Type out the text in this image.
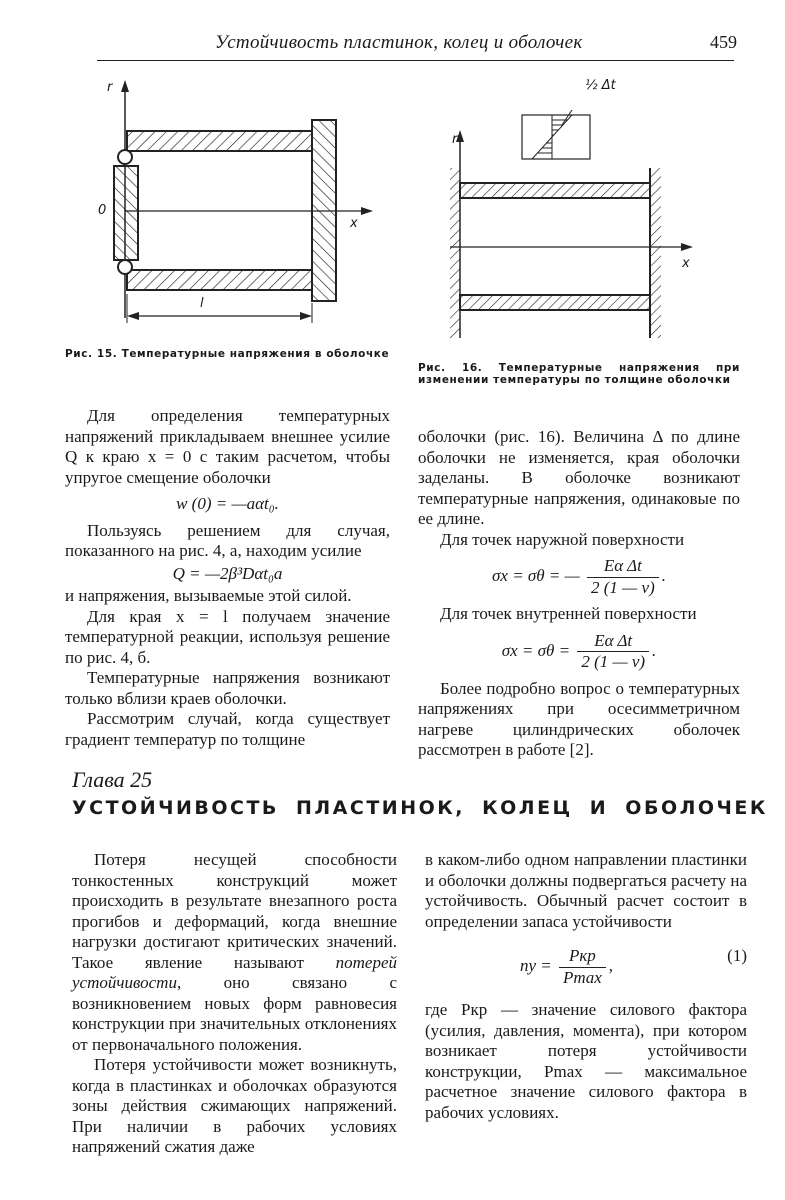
Устойчивость пластинок, колец и оболочек	459
r
0
x
l
Рис. 15. Температурные напряжения в оболочке
r
½ Δt
x
Рис. 16. Температурные напряжения при изменении температуры по толщине оболочки

Для определения температурных напряжений прикладываем внешнее усилие Q к краю x = 0 с таким расчетом, чтобы упругое смещение оболочки

w (0) = —aαt₀.

Пользуясь решением для случая, показанного на рис. 4, а, находим усилие

Q = —2β³Dαt₀a

и напряжения, вызываемые этой силой.

Для края x = l получаем значение температурной реакции, используя решение по рис. 4, б.

Температурные напряжения возникают только вблизи краев оболочки.

Рассмотрим случай, когда существует градиент температур по толщине

оболочки (рис. 16). Величина Δ по длине оболочки не изменяется, края оболочки заделаны. В оболочке возникают температурные напряжения, одинаковые по ее длине.

Для точек наружной поверхности

σx = σθ = — $\frac{\text{Eα Δt}}{2 (1 — \nu)}$ .

Для точек внутренней поверхности

$\sigma x = \sigma\theta = \frac{\text{Eα Δt}}{2 (1 — \nu)}$ .

Более подробно вопрос о температурных напряжениях при осесимметричном нагреве цилиндрических оболочек рассмотрен в работе [2].

Глава 25
УСТОЙЧИВОСТЬ ПЛАСТИНОК, КОЛЕЦ И ОБОЛОЧЕК

Потеря несущей способности тонкостенных конструкций может происходить в результате внезапного роста прогибов и деформаций, когда внешние нагрузки достигают критических значений. Такое явление называют потерей устойчивости, оно связано с возникновением новых форм равновесия конструкции при значительных отклонениях от первоначального положения.

Потеря устойчивости может возникнуть, когда в пластинках и оболочках образуются зоны действия сжимающих напряжений. При наличии в рабочих условиях напряжений сжатия даже

в каком-либо одном направлении пластинки и оболочки должны подвергаться расчету на устойчивость. Обычный расчет состоит в определении запаса устойчивости

nу = $\frac{\text{Pкр}}{Pmax}$ ,
(1)

где Pкр — значение силового фактора (усилия, давления, момента), при котором возникает потеря устойчивости конструкции, Pmax — максимальное расчетное значение силового фактора в рабочих условиях.
